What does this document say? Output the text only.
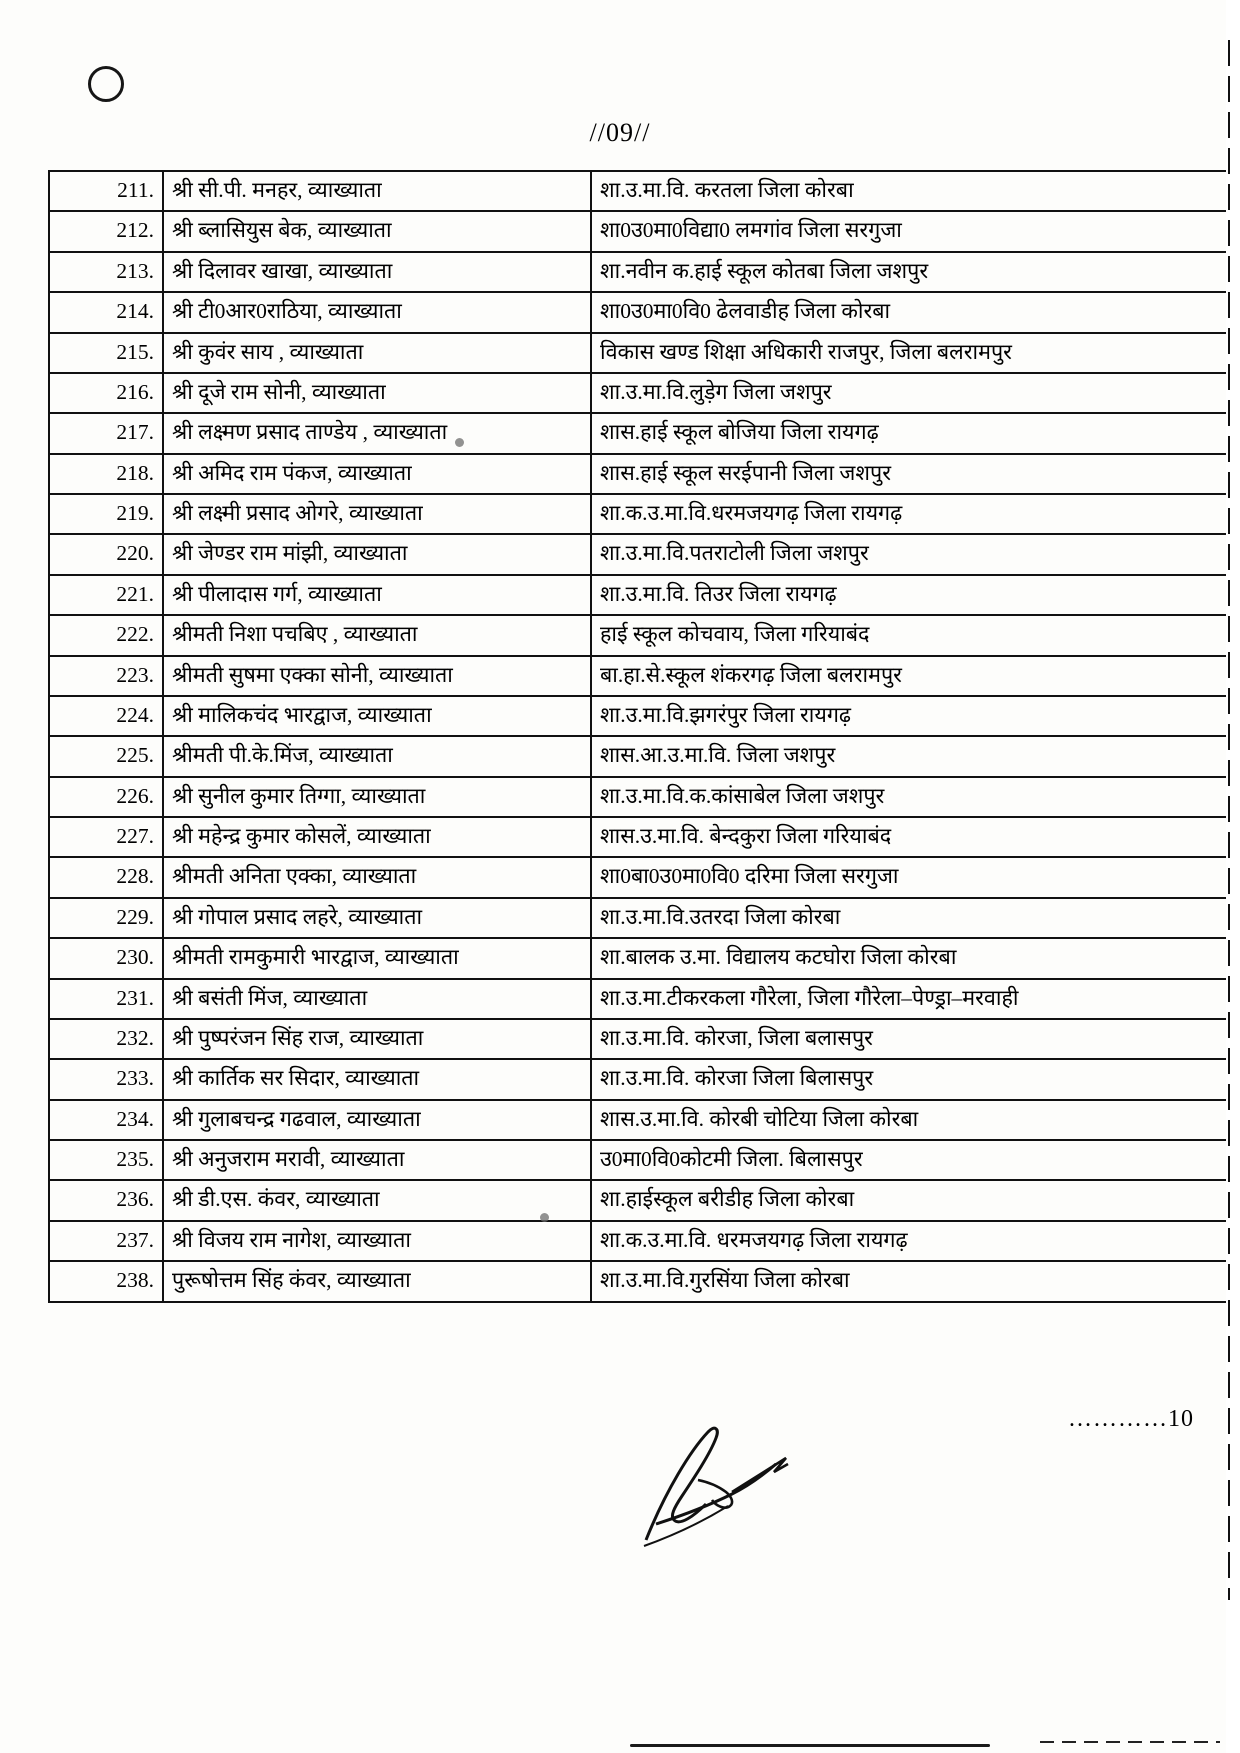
//09//
211.	श्री सी.पी. मनहर, व्याख्याता	शा.उ.मा.वि. करतला जिला कोरबा
212.	श्री ब्लासियुस बेक, व्याख्याता	शा0उ0मा0विद्या0 लमगांव जिला सरगुजा
213.	श्री दिलावर खाखा, व्याख्याता	शा.नवीन क.हाई स्कूल कोतबा जिला जशपुर
214.	श्री टी0आर0राठिया, व्याख्याता	शा0उ0मा0वि0 ढेलवाडीह जिला कोरबा
215.	श्री कुवंर साय , व्याख्याता	विकास खण्ड शिक्षा अधिकारी राजपुर, जिला बलरामपुर
216.	श्री दूजे राम सोनी, व्याख्याता	शा.उ.मा.वि.लुड़ेग जिला जशपुर
217.	श्री लक्ष्मण प्रसाद ताण्डेय , व्याख्याता	शास.हाई स्कूल बोजिया जिला रायगढ़
218.	श्री अमिद राम पंकज, व्याख्याता	शास.हाई स्कूल सरईपानी जिला जशपुर
219.	श्री लक्ष्मी प्रसाद ओगरे, व्याख्याता	शा.क.उ.मा.वि.धरमजयगढ़ जिला रायगढ़
220.	श्री जेण्डर राम मांझी, व्याख्याता	शा.उ.मा.वि.पतराटोली जिला जशपुर
221.	श्री पीलादास गर्ग, व्याख्याता	शा.उ.मा.वि. तिउर जिला रायगढ़
222.	श्रीमती निशा पचबिए , व्याख्याता	हाई स्कूल कोचवाय, जिला गरियाबंद
223.	श्रीमती सुषमा एक्का सोनी, व्याख्याता	बा.हा.से.स्कूल शंकरगढ़ जिला बलरामपुर
224.	श्री मालिकचंद भारद्वाज, व्याख्याता	शा.उ.मा.वि.झगरंपुर जिला रायगढ़
225.	श्रीमती पी.के.मिंज, व्याख्याता	शास.आ.उ.मा.वि. जिला जशपुर
226.	श्री सुनील कुमार तिग्गा, व्याख्याता	शा.उ.मा.वि.क.कांसाबेल जिला जशपुर
227.	श्री महेन्द्र कुमार कोसलें, व्याख्याता	शास.उ.मा.वि. बेन्दकुरा जिला गरियाबंद
228.	श्रीमती अनिता एक्का, व्याख्याता	शा0बा0उ0मा0वि0 दरिमा जिला सरगुजा
229.	श्री गोपाल प्रसाद लहरे, व्याख्याता	शा.उ.मा.वि.उतरदा जिला कोरबा
230.	श्रीमती रामकुमारी भारद्वाज, व्याख्याता	शा.बालक उ.मा. विद्यालय कटघोरा जिला कोरबा
231.	श्री बसंती मिंज, व्याख्याता	शा.उ.मा.टीकरकला गौरेला, जिला गौरेला–पेण्ड्रा–मरवाही
232.	श्री पुष्परंजन सिंह राज, व्याख्याता	शा.उ.मा.वि. कोरजा, जिला बलासपुर
233.	श्री कार्तिक सर सिदार, व्याख्याता	शा.उ.मा.वि. कोरजा जिला बिलासपुर
234.	श्री गुलाबचन्द्र गढवाल, व्याख्याता	शास.उ.मा.वि. कोरबी चोटिया जिला कोरबा
235.	श्री अनुजराम मरावी, व्याख्याता	उ0मा0वि0कोटमी जिला. बिलासपुर
236.	श्री डी.एस. कंवर, व्याख्याता	शा.हाईस्कूल बरीडीह जिला कोरबा
237.	श्री विजय राम नागेश, व्याख्याता	शा.क.उ.मा.वि. धरमजयगढ़ जिला रायगढ़
238.	पुरूषोत्तम सिंह कंवर, व्याख्याता	शा.उ.मा.वि.गुरसिंया जिला कोरबा
…………10
